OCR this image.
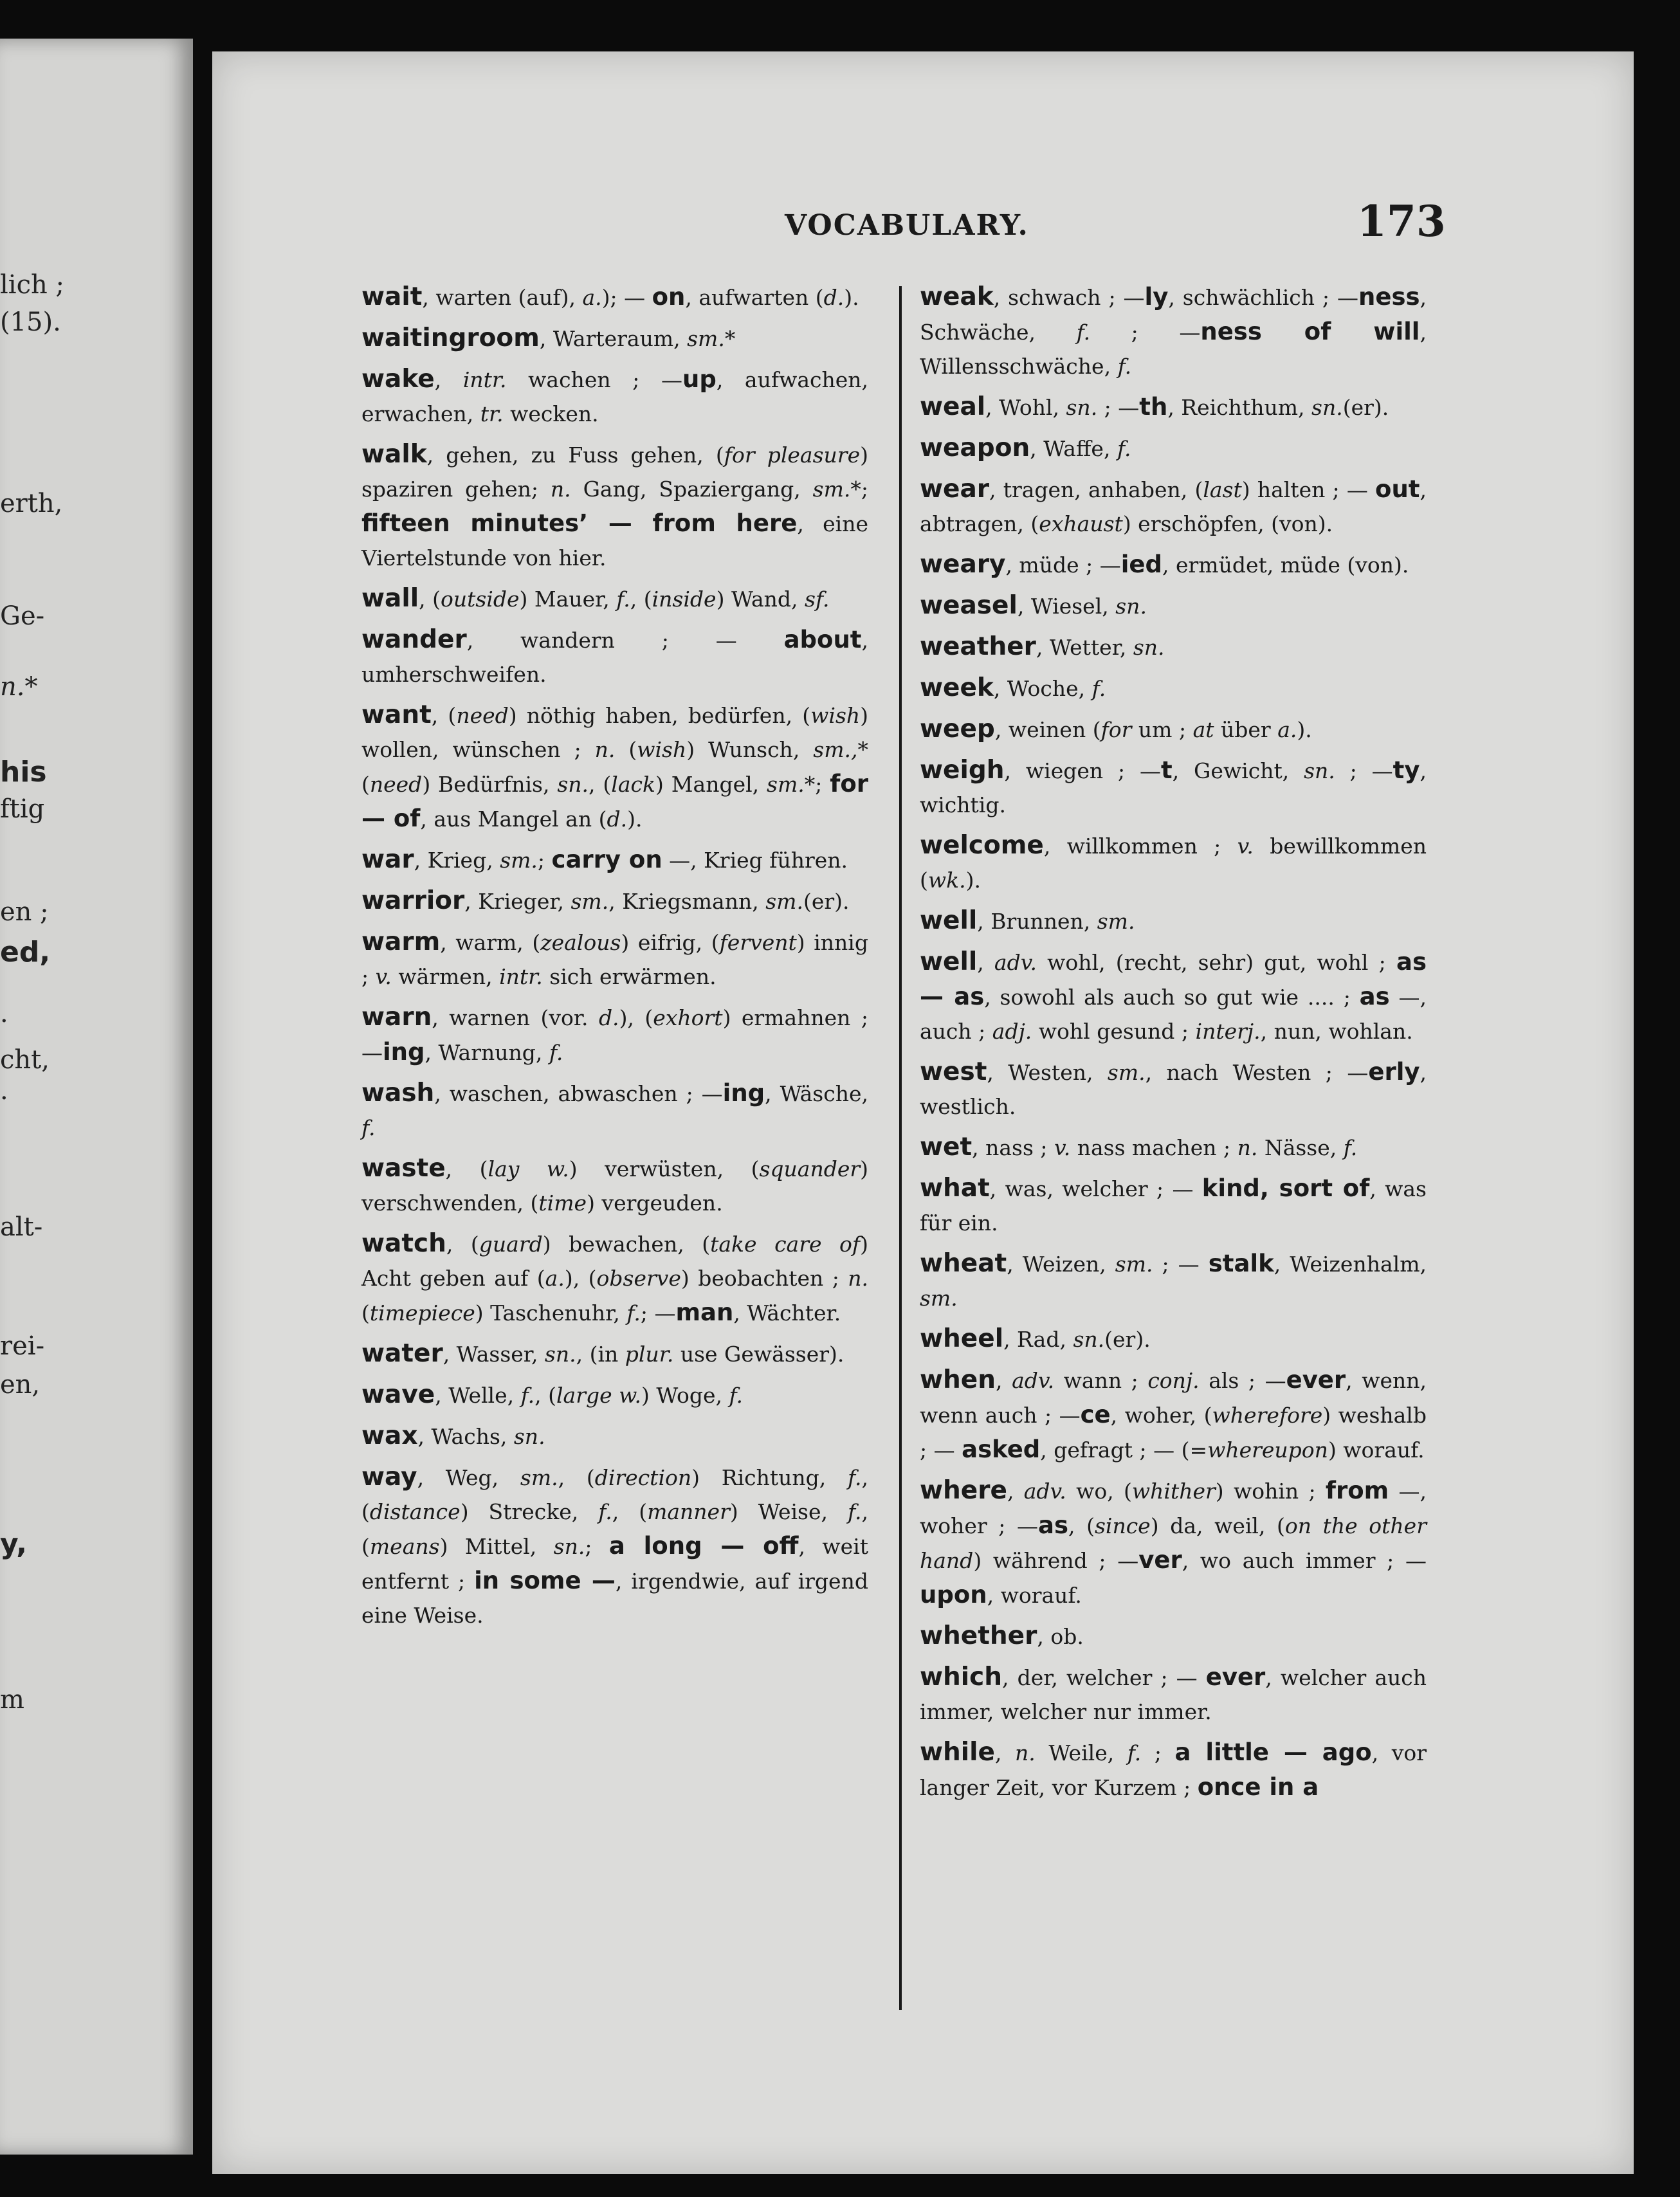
lich ;
(15).
erth,
Ge-
n.*
his
ftig
en ;
ed,
·
cht,
·
alt-
rei-
en,
y,
m
VOCABULARY.	173
wait, warten (auf), a.); — on, aufwarten (d.).
waitingroom, Warteraum, sm.*
wake, intr. wachen ; —up, aufwachen, erwachen, tr. wecken.
walk, gehen, zu Fuss gehen, (for pleasure) spaziren gehen; n. Gang, Spaziergang, sm.*; fifteen minutes’ — from here, eine Viertelstunde von hier.
wall, (outside) Mauer, f., (inside) Wand, sf.
wander, wandern ; — about, umherschweifen.
want, (need) nöthig haben, bedürfen, (wish) wollen, wünschen ; n. (wish) Wunsch, sm.,* (need) Bedürfnis, sn., (lack) Mangel, sm.*; for — of, aus Mangel an (d.).
war, Krieg, sm.; carry on —, Krieg führen.
warrior, Krieger, sm., Kriegsmann, sm.(er).
warm, warm, (zealous) eifrig, (fervent) innig ; v. wärmen, intr. sich erwärmen.
warn, warnen (vor. d.), (exhort) ermahnen ; —ing, Warnung, f.
wash, waschen, abwaschen ; —ing, Wäsche, f.
waste, (lay w.) verwüsten, (squander) verschwenden, (time) vergeuden.
watch, (guard) bewachen, (take care of) Acht geben auf (a.), (observe) beobachten ; n. (timepiece) Taschenuhr, f.; —man, Wächter.
water, Wasser, sn., (in plur. use Gewässer).
wave, Welle, f., (large w.) Woge, f.
wax, Wachs, sn.
way, Weg, sm., (direction) Richtung, f., (distance) Strecke, f., (manner) Weise, f., (means) Mittel, sn.; a long — off, weit entfernt ; in some —, irgendwie, auf irgend eine Weise.
weak, schwach ; —ly, schwächlich ; —ness, Schwäche, f. ; —ness of will, Willensschwäche, f.
weal, Wohl, sn. ; —th, Reichthum, sn.(er).
weapon, Waffe, f.
wear, tragen, anhaben, (last) halten ; — out, abtragen, (exhaust) erschöpfen, (von).
weary, müde ; —ied, ermüdet, müde (von).
weasel, Wiesel, sn.
weather, Wetter, sn.
week, Woche, f.
weep, weinen (for um ; at über a.).
weigh, wiegen ; —t, Gewicht, sn. ; —ty, wichtig.
welcome, willkommen ; v. bewillkommen (wk.).
well, Brunnen, sm.
well, adv. wohl, (recht, sehr) gut, wohl ; as — as, sowohl als auch so gut wie .... ; as —, auch ; adj. wohl gesund ; interj., nun, wohlan.
west, Westen, sm., nach Westen ; —erly, westlich.
wet, nass ; v. nass machen ; n. Nässe, f.
what, was, welcher ; — kind, sort of, was für ein.
wheat, Weizen, sm. ; — stalk, Weizenhalm, sm.
wheel, Rad, sn.(er).
when, adv. wann ; conj. als ; —ever, wenn, wenn auch ; —ce, woher, (wherefore) weshalb ; — asked, gefragt ; — (=whereupon) worauf.
where, adv. wo, (whither) wohin ; from —, woher ; —as, (since) da, weil, (on the other hand) während ; —ver, wo auch immer ; —upon, worauf.
whether, ob.
which, der, welcher ; — ever, welcher auch immer, welcher nur immer.
while, n. Weile, f. ; a little — ago, vor langer Zeit, vor Kurzem ; once in a
